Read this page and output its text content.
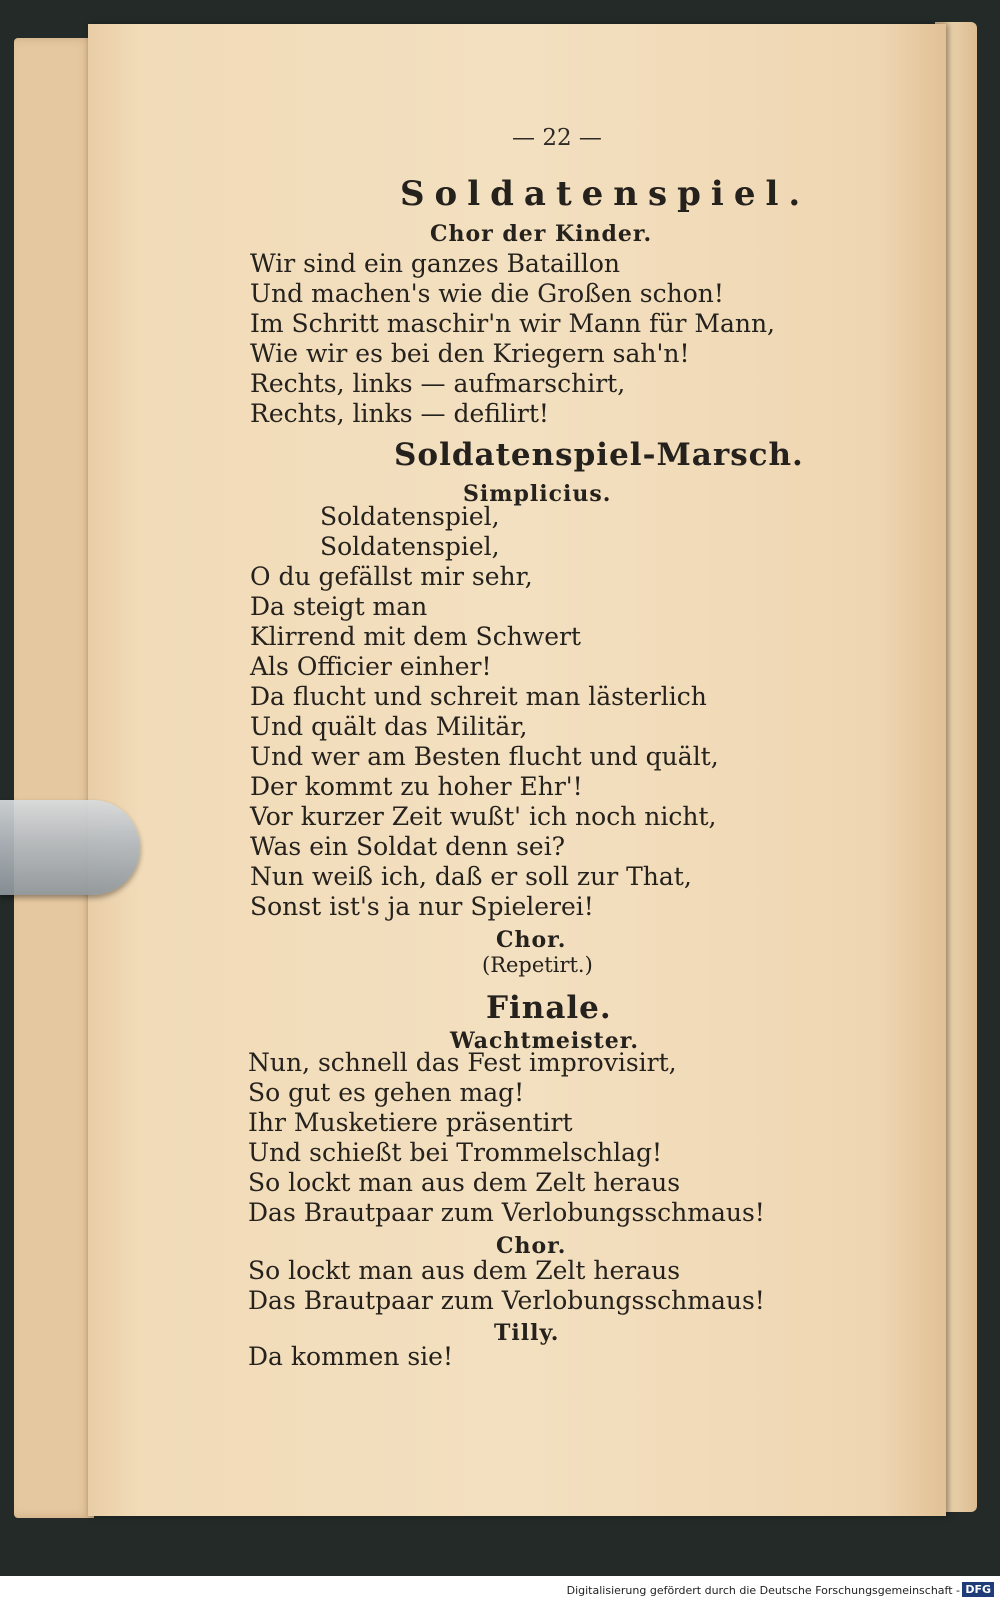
— 22 —
Soldatenspiel.
Chor der Kinder.
Wir sind ein ganzes Bataillon
Und machen's wie die Großen schon!
Im Schritt maschir'n wir Mann für Mann,
Wie wir es bei den Kriegern sah'n!
Rechts, links — aufmarschirt,
Rechts, links — defilirt!
Soldatenspiel-Marsch.
Simplicius.
Soldatenspiel,
Soldatenspiel,
O du gefällst mir sehr,
Da steigt man
Klirrend mit dem Schwert
Als Officier einher!
Da flucht und schreit man lästerlich
Und quält das Militär,
Und wer am Besten flucht und quält,
Der kommt zu hoher Ehr'!
Vor kurzer Zeit wußt' ich noch nicht,
Was ein Soldat denn sei?
Nun weiß ich, daß er soll zur That,
Sonst ist's ja nur Spielerei!
Chor.
(Repetirt.)
Finale.
Wachtmeister.
Nun, schnell das Fest improvisirt,
So gut es gehen mag!
Ihr Musketiere präsentirt
Und schießt bei Trommelschlag!
So lockt man aus dem Zelt heraus
Das Brautpaar zum Verlobungsschmaus!
Chor.
So lockt man aus dem Zelt heraus
Das Brautpaar zum Verlobungsschmaus!
Tilly.
Da kommen sie!
Digitalisierung gefördert durch die Deutsche Forschungsgemeinschaft - DFG
